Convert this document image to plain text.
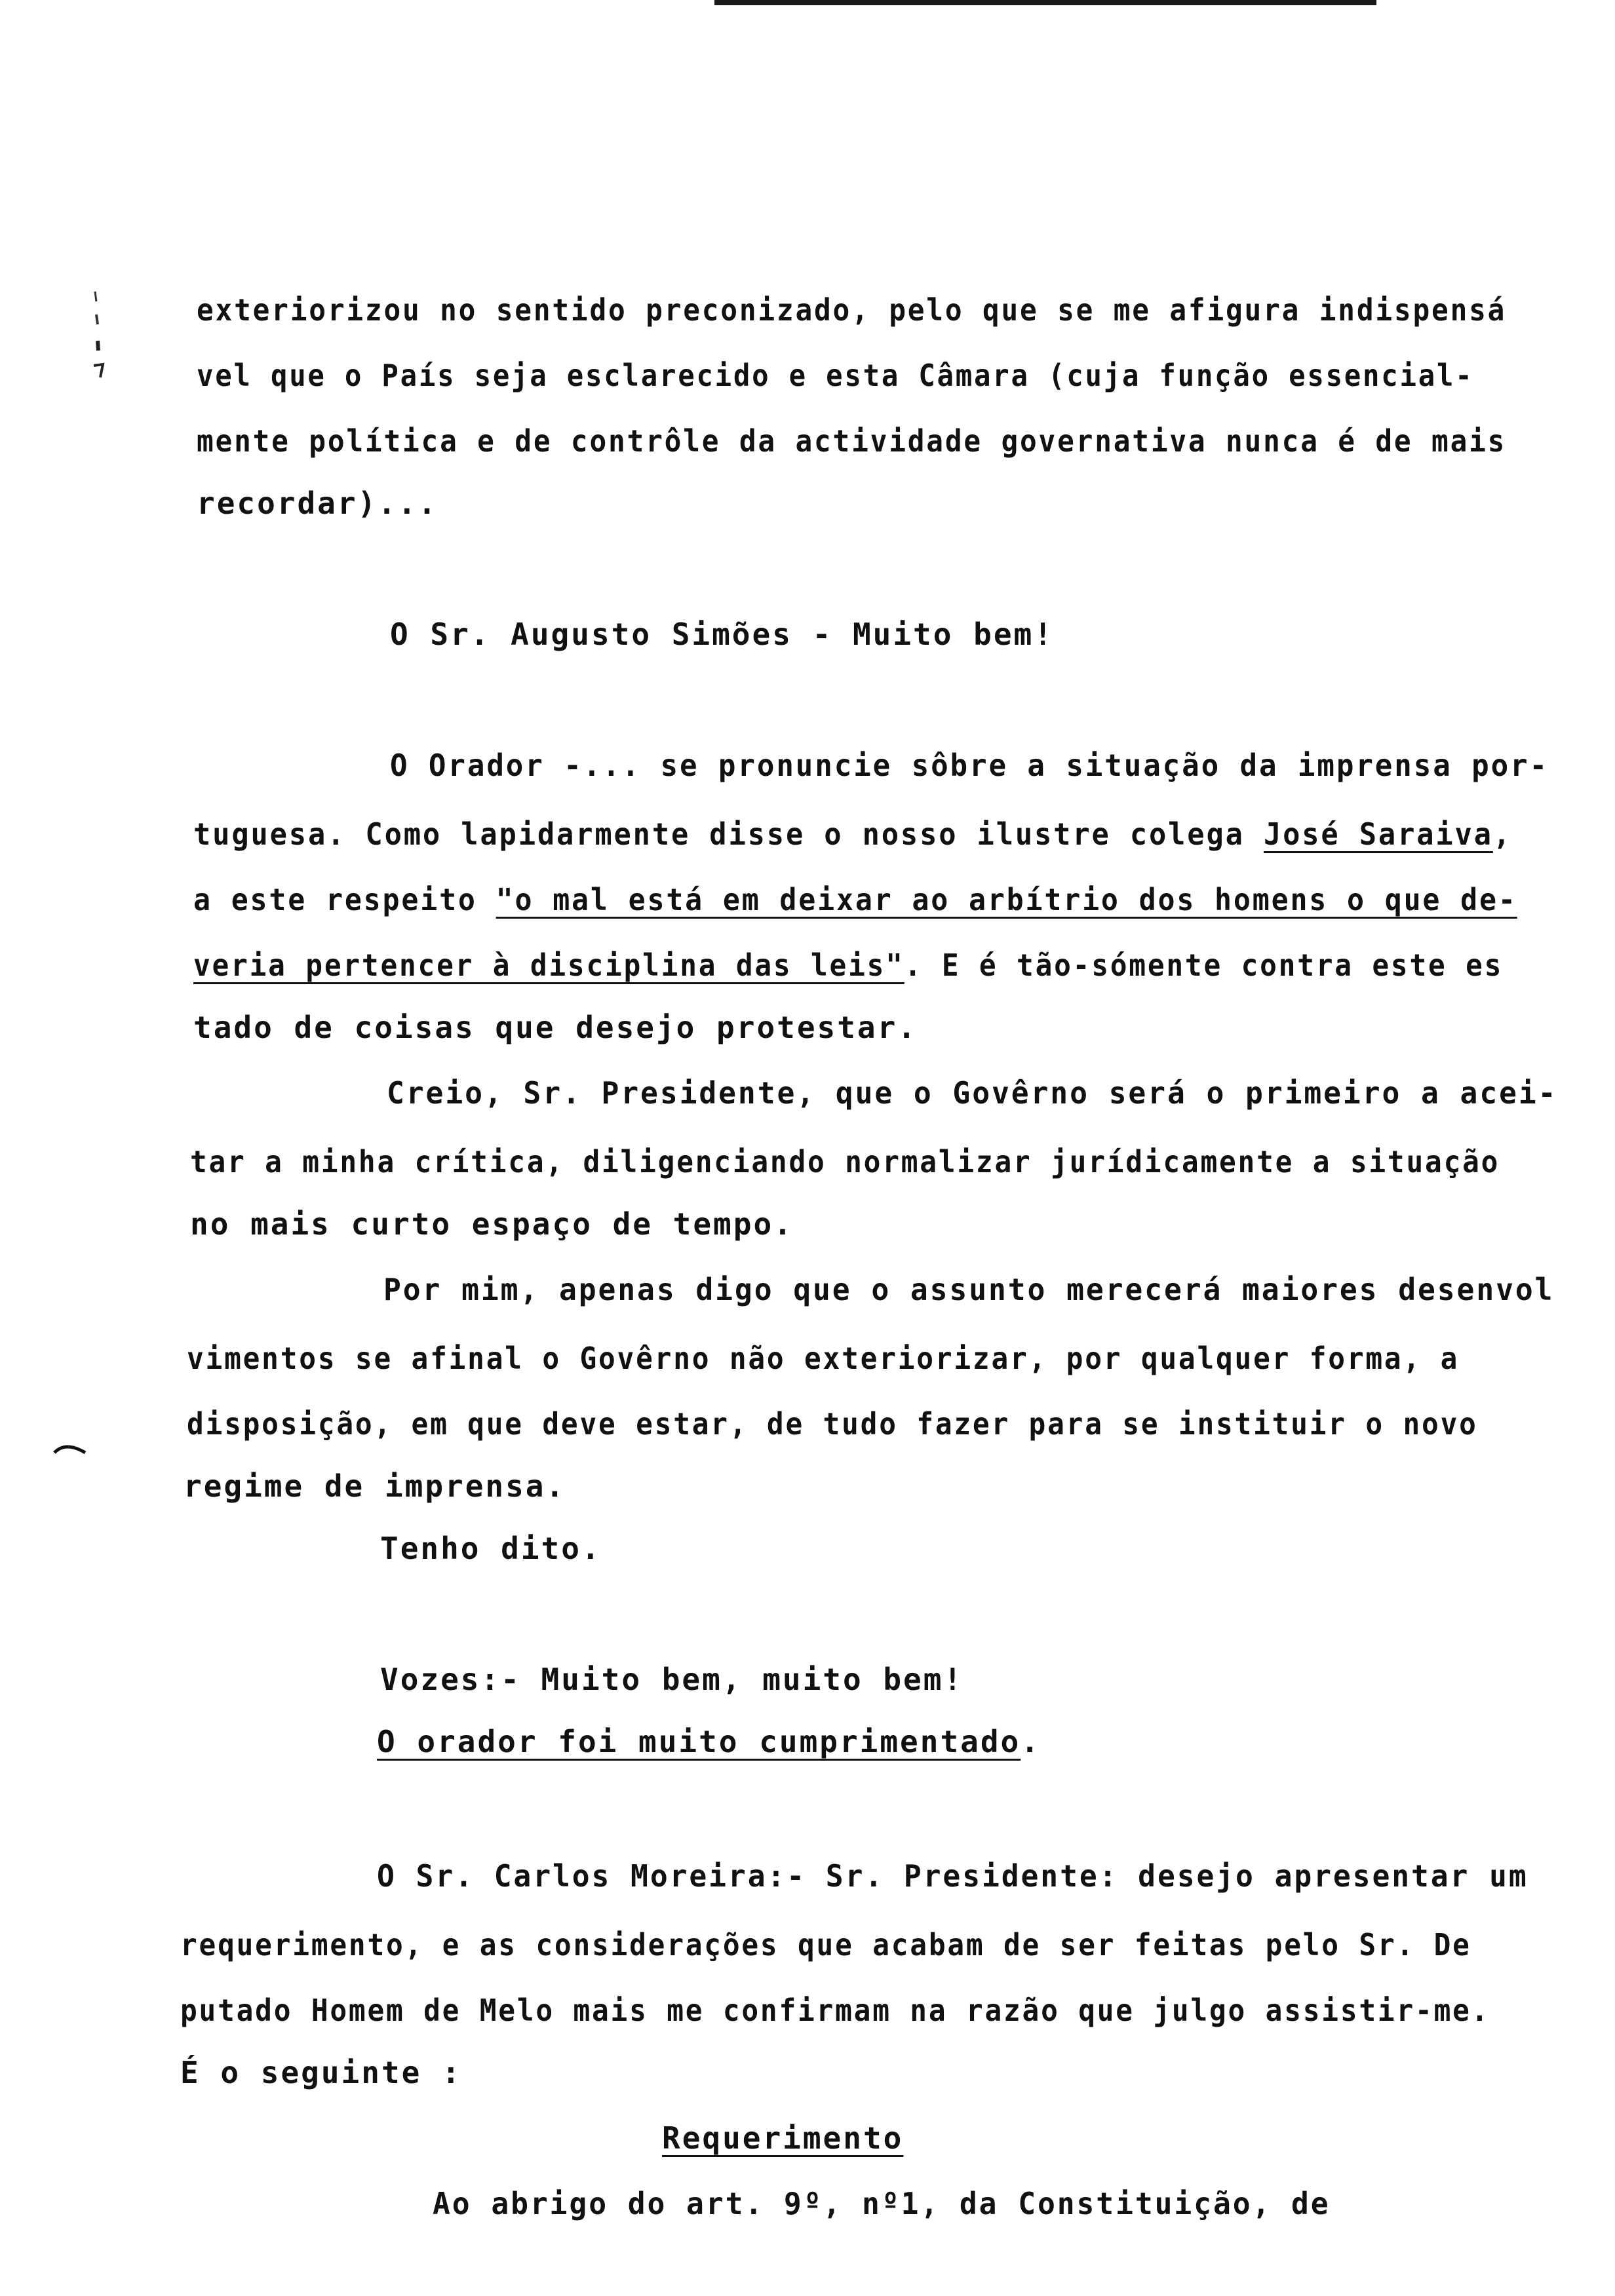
exteriorizou no sentido preconizado, pelo que se me afigura indispensá
vel que o País seja esclarecido e esta Câmara (cuja função essencial-
mente política e de contrôle da actividade governativa nunca é de mais
recordar)...
O Sr. Augusto Simões - Muito bem!
O Orador -... se pronuncie sôbre a situação da imprensa por-
tuguesa. Como lapidarmente disse o nosso ilustre colega José Saraiva,
a este respeito "o mal está em deixar ao arbítrio dos homens o que de-
veria pertencer à disciplina das leis". E é tão-sómente contra este es
tado de coisas que desejo protestar.
Creio, Sr. Presidente, que o Govêrno será o primeiro a acei-
tar a minha crítica, diligenciando normalizar jurídicamente a situação
no mais curto espaço de tempo.
Por mim, apenas digo que o assunto merecerá maiores desenvol
vimentos se afinal o Govêrno não exteriorizar, por qualquer forma, a
disposição, em que deve estar, de tudo fazer para se instituir o novo
regime de imprensa.
Tenho dito.
Vozes:- Muito bem, muito bem!
O orador foi muito cumprimentado.
O Sr. Carlos Moreira:- Sr. Presidente: desejo apresentar um
requerimento, e as considerações que acabam de ser feitas pelo Sr. De
putado Homem de Melo mais me confirmam na razão que julgo assistir-me.
É o seguinte :
Requerimento
Ao abrigo do art. 9º, nº1, da Constituição, de
